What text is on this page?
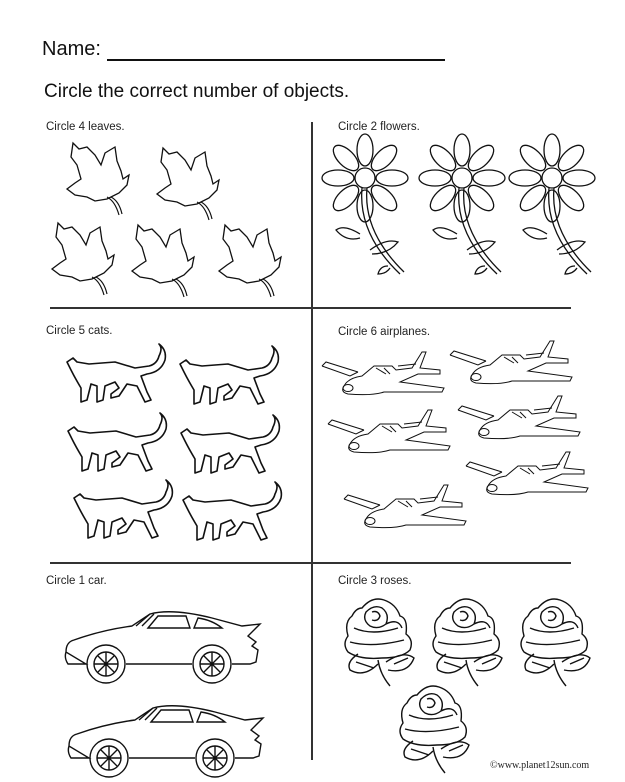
Name:
Circle the correct number of objects.
Circle 4 leaves.	Circle 2 flowers.
Circle 5 cats.	Circle 6 airplanes.
Circle 1 car.	Circle 3 roses.
©www.planet12sun.com
